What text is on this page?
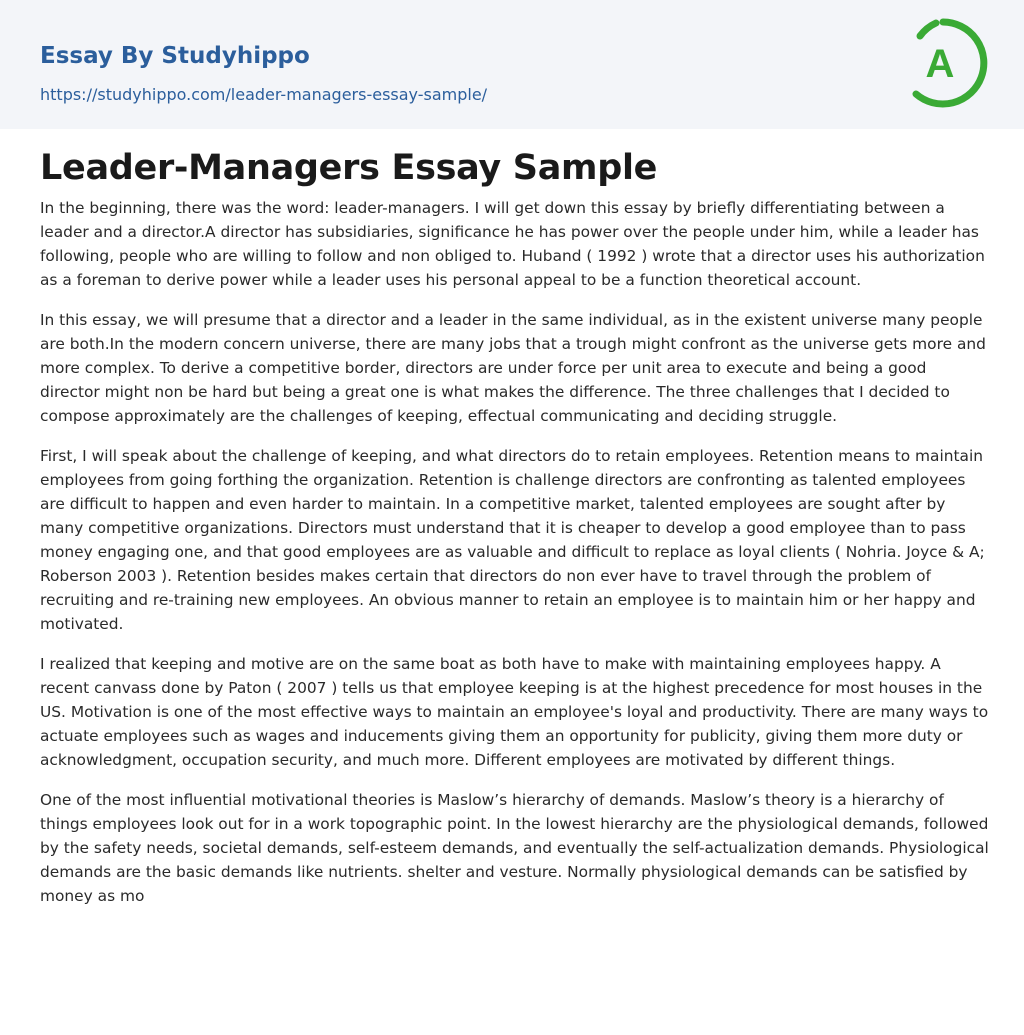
Essay By Studyhippo
https://studyhippo.com/leader-managers-essay-sample/
A
Leader-Managers Essay Sample

In the beginning, there was the word: leader-managers. I will get down this essay by briefly differentiating between a leader and a director.A director has subsidiaries, significance he has power over the people under him, while a leader has following, people who are willing to follow and non obliged to. Huband ( 1992 ) wrote that a director uses his authorization as a foreman to derive power while a leader uses his personal appeal to be a function theoretical account.

In this essay, we will presume that a director and a leader in the same individual, as in the existent universe many people are both.In the modern concern universe, there are many jobs that a trough might confront as the universe gets more and more complex. To derive a competitive border, directors are under force per unit area to execute and being a good director might non be hard but being a great one is what makes the difference. The three challenges that I decided to compose approximately are the challenges of keeping, effectual communicating and deciding struggle.

First, I will speak about the challenge of keeping, and what directors do to retain employees. Retention means to maintain employees from going forthing the organization. Retention is challenge directors are confronting as talented employees are difficult to happen and even harder to maintain. In a competitive market, talented employees are sought after by many competitive organizations. Directors must understand that it is cheaper to develop a good employee than to pass money engaging one, and that good employees are as valuable and difficult to replace as loyal clients ( Nohria. Joyce & A; Roberson 2003 ). Retention besides makes certain that directors do non ever have to travel through the problem of recruiting and re-training new employees. An obvious manner to retain an employee is to maintain him or her happy and motivated.

I realized that keeping and motive are on the same boat as both have to make with maintaining employees happy. A recent canvass done by Paton ( 2007 ) tells us that employee keeping is at the highest precedence for most houses in the US. Motivation is one of the most effective ways to maintain an employee's loyal and productivity. There are many ways to actuate employees such as wages and inducements giving them an opportunity for publicity, giving them more duty or acknowledgment, occupation security, and much more. Different employees are motivated by different things.

One of the most influential motivational theories is Maslow’s hierarchy of demands. Maslow’s theory is a hierarchy of things employees look out for in a work topographic point. In the lowest hierarchy are the physiological demands, followed by the safety needs, societal demands, self-esteem demands, and eventually the self-actualization demands. Physiological demands are the basic demands like nutrients. shelter and vesture. Normally physiological demands can be satisfied by money as mo
